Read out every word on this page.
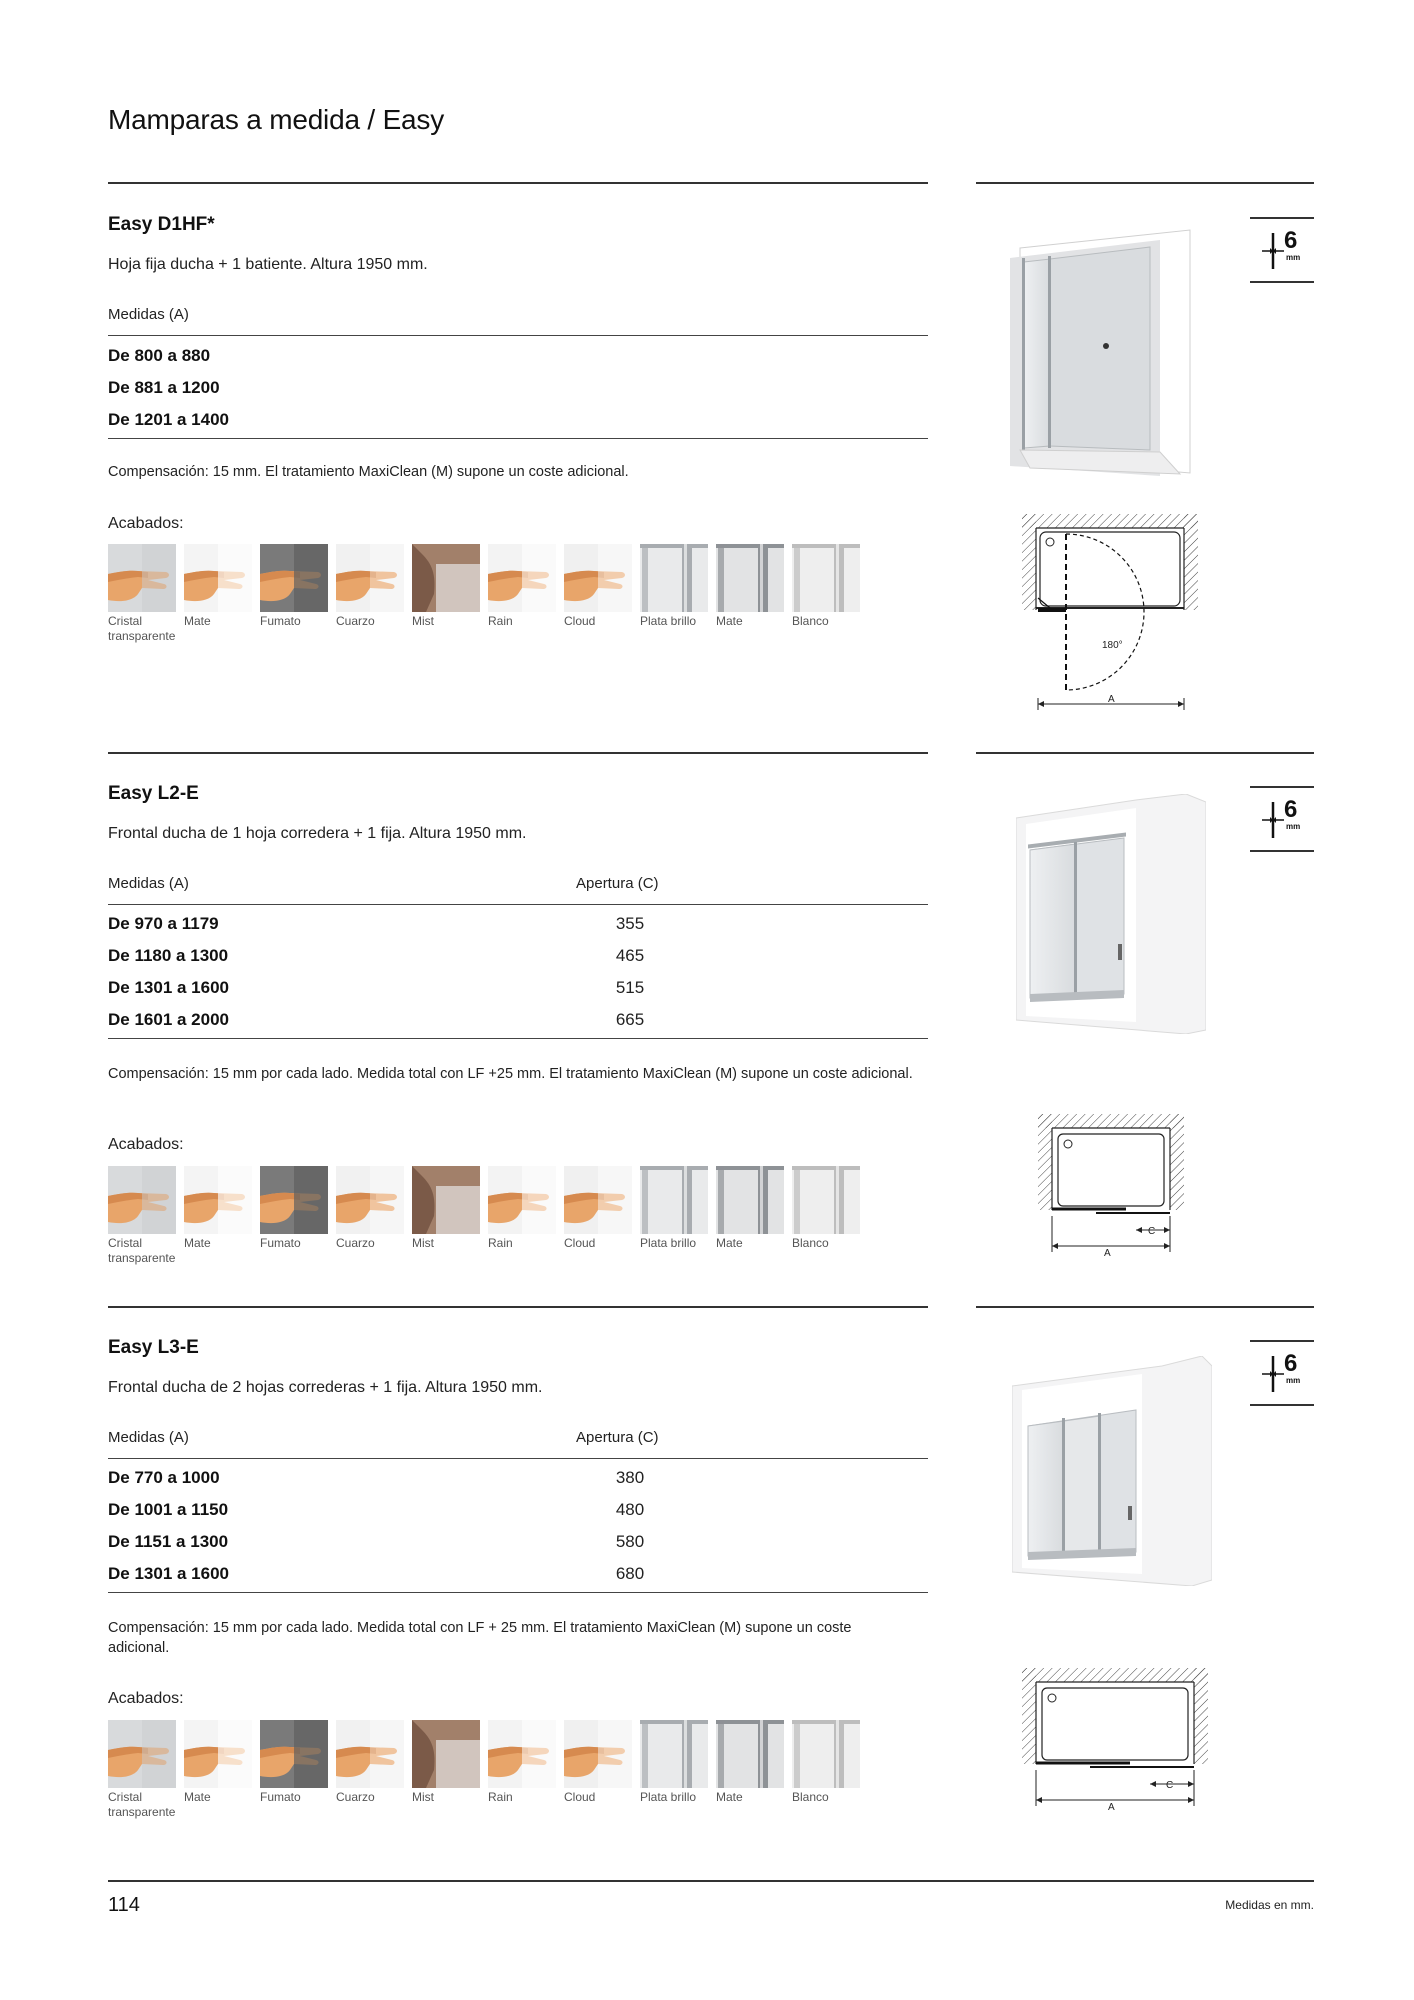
Mamparas a medida / Easy
Easy D1HF*
Hoja fija ducha + 1 batiente. Altura 1950 mm.
Medidas (A)
De 800 a 880
De 881 a 1200
De 1201 a 1400
Compensación: 15 mm. El tratamiento MaxiClean (M) supone un coste adicional.
Acabados:
Cristal transparente
Mate	Fumato	Cuarzo	Mist	Rain	Cloud	Plata brillo	Mate	Blanco
6
mm
180°
A
Easy L2-E
Frontal ducha de 1 hoja corredera + 1 fija. Altura 1950 mm.
Medidas (A)	Apertura (C)
De 970 a 1179	355
De 1180 a 1300	465
De 1301 a 1600	515
De 1601 a 2000	665
Compensación: 15 mm por cada lado. Medida total con LF +25 mm. El tratamiento MaxiClean (M) supone un coste adicional.
Acabados:
Cristal transparente
Mate	Fumato	Cuarzo	Mist	Rain	Cloud	Plata brillo	Mate	Blanco
6
mm
C
A
Easy L3-E
Frontal ducha de 2 hojas correderas + 1 fija. Altura 1950 mm.
Medidas (A)	Apertura (C)
De 770 a 1000	380
De 1001 a 1150	480
De 1151 a 1300	580
De 1301 a 1600	680
Compensación: 15 mm por cada lado. Medida total con LF + 25 mm. El tratamiento MaxiClean (M) supone un coste adicional.
Acabados:
Cristal transparente
Mate	Fumato	Cuarzo	Mist	Rain	Cloud	Plata brillo	Mate	Blanco
6
mm
C
A
114	Medidas en mm.
